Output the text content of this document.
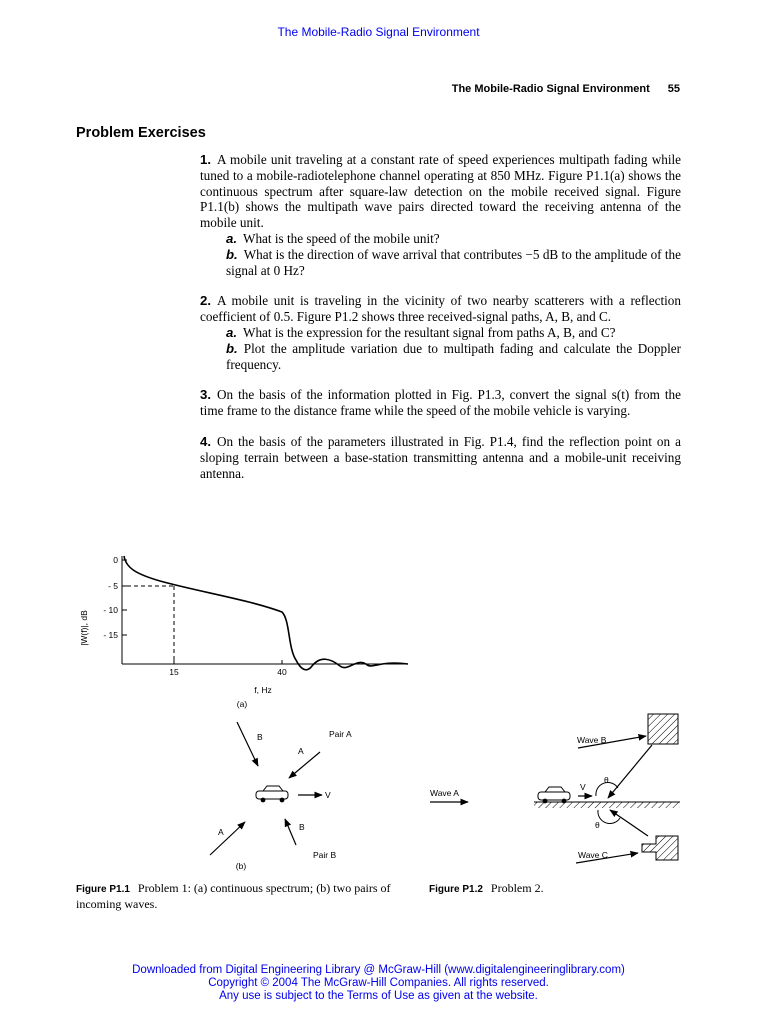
The Mobile-Radio Signal Environment
The Mobile-Radio Signal Environment 55
Problem Exercises
1. A mobile unit traveling at a constant rate of speed experiences multipath fading while tuned to a mobile-radiotelephone channel operating at 850 MHz. Figure P1.1(a) shows the continuous spectrum after square-law detection on the mobile received signal. Figure P1.1(b) shows the multipath wave pairs directed toward the receiving antenna of the mobile unit.
a. What is the speed of the mobile unit?
b. What is the direction of wave arrival that contributes −5 dB to the amplitude of the signal at 0 Hz?
2. A mobile unit is traveling in the vicinity of two nearby scatterers with a reflection coefficient of 0.5. Figure P1.2 shows three received-signal paths, A, B, and C.
a. What is the expression for the resultant signal from paths A, B, and C?
b. Plot the amplitude variation due to multipath fading and calculate the Doppler frequency.
3. On the basis of the information plotted in Fig. P1.3, convert the signal s(t) from the time frame to the distance frame while the speed of the mobile vehicle is varying.
4. On the basis of the parameters illustrated in Fig. P1.4, find the reflection point on a sloping terrain between a base-station transmitting antenna and a mobile-unit receiving antenna.
|W(f)|, dB
0
- 5
- 10
- 15
15	40
f, Hz
(a)
B
A
Pair A
V
A	B
Pair B
(b)
Wave A
V
Wave B
θ
Wave C
θ
Figure P1.1 Problem 1: (a) continuous spectrum; (b) two pairs of incoming waves.
Figure P1.2 Problem 2.
Downloaded from Digital Engineering Library @ McGraw-Hill (www.digitalengineeringlibrary.com)
Copyright © 2004 The McGraw-Hill Companies. All rights reserved.
Any use is subject to the Terms of Use as given at the website.
